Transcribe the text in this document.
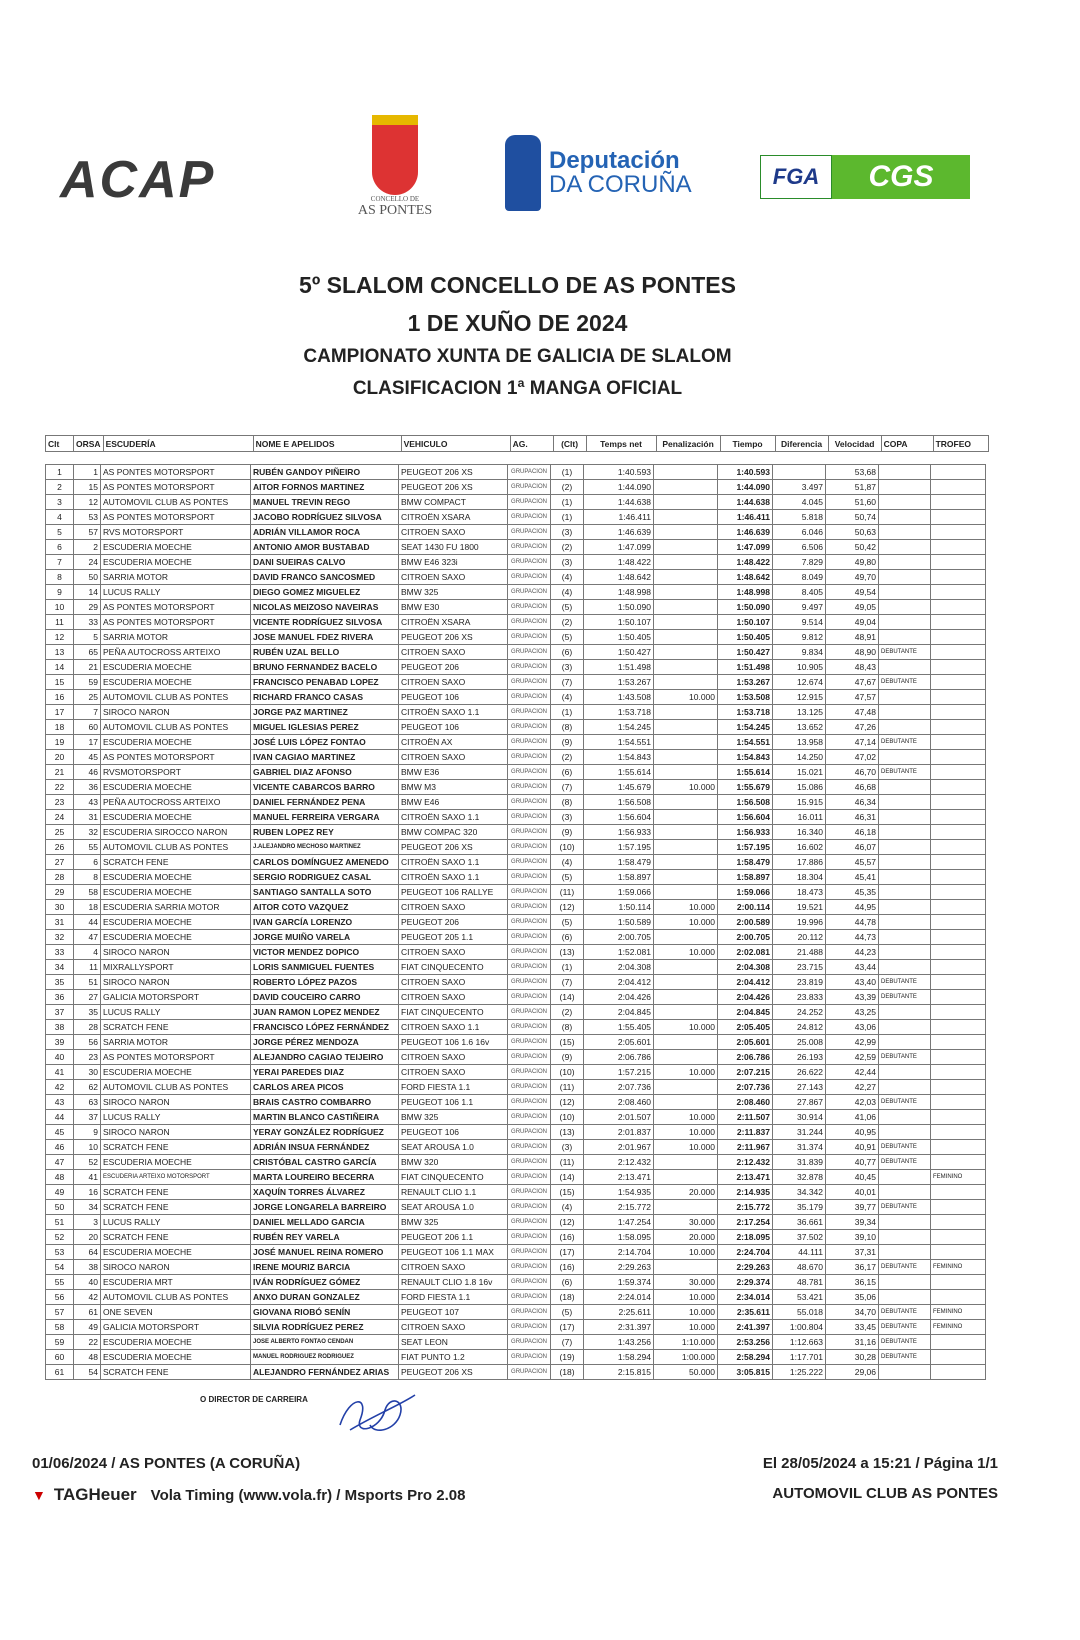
ACAP	CONCELLO DE
AS PONTES
Deputación
DA CORUÑA	FGA	CGS
5º SLALOM CONCELLO DE AS PONTES
1 DE XUÑO DE 2024
CAMPIONATO XUNTA DE GALICIA DE SLALOM
CLASIFICACION 1ª MANGA OFICIAL
Clt	ORSA	ESCUDERÍA	NOME E APELIDOS	VEHICULO	AG.	(Clt)	Temps net	Penalización	Tiempo	Diferencia	Velocidad	COPA	TROFEO
1	1	AS PONTES MOTORSPORT	RUBÉN GANDOY PIÑEIRO	PEUGEOT 206 XS	GRUPACION	(1)	1:40.593		1:40.593		53,68		
2	15	AS PONTES MOTORSPORT	AITOR FORNOS MARTINEZ	PEUGEOT 206 XS	GRUPACION	(2)	1:44.090		1:44.090	3.497	51,87		
3	12	AUTOMOVIL CLUB AS PONTES	MANUEL TREVIN REGO	BMW COMPACT	GRUPACION	(1)	1:44.638		1:44.638	4.045	51,60		
4	53	AS PONTES MOTORSPORT	JACOBO RODRÍGUEZ SILVOSA	CITROËN XSARA	GRUPACION	(1)	1:46.411		1:46.411	5.818	50,74		
5	57	RVS MOTORSPORT	ADRIÁN VILLAMOR ROCA	CITROEN SAXO	GRUPACION	(3)	1:46.639		1:46.639	6.046	50,63		
6	2	ESCUDERIA MOECHE	ANTONIO AMOR BUSTABAD	SEAT 1430 FU 1800	GRUPACION	(2)	1:47.099		1:47.099	6.506	50,42		
7	24	ESCUDERIA MOECHE	DANI SUEIRAS CALVO	BMW E46 323i	GRUPACION	(3)	1:48.422		1:48.422	7.829	49,80		
8	50	SARRIA MOTOR	DAVID FRANCO SANCOSMED	CITROEN SAXO	GRUPACION	(4)	1:48.642		1:48.642	8.049	49,70		
9	14	LUCUS RALLY	DIEGO GOMEZ MIGUELEZ	BMW 325	GRUPACION	(4)	1:48.998		1:48.998	8.405	49,54		
10	29	AS PONTES MOTORSPORT	NICOLAS MEIZOSO NAVEIRAS	BMW E30	GRUPACION	(5)	1:50.090		1:50.090	9.497	49,05		
11	33	AS PONTES MOTORSPORT	VICENTE RODRÍGUEZ SILVOSA	CITROËN XSARA	GRUPACION	(2)	1:50.107		1:50.107	9.514	49,04		
12	5	SARRIA MOTOR	JOSE MANUEL FDEZ RIVERA	PEUGEOT 206 XS	GRUPACION	(5)	1:50.405		1:50.405	9.812	48,91		
13	65	PEÑA AUTOCROSS ARTEIXO	RUBÉN UZAL BELLO	CITROEN SAXO	GRUPACION	(6)	1:50.427		1:50.427	9.834	48,90	DEBUTANTE	
14	21	ESCUDERIA MOECHE	BRUNO FERNANDEZ BACELO	PEUGEOT 206	GRUPACION	(3)	1:51.498		1:51.498	10.905	48,43		
15	59	ESCUDERIA MOECHE	FRANCISCO PENABAD LOPEZ	CITROEN SAXO	GRUPACION	(7)	1:53.267		1:53.267	12.674	47,67	DEBUTANTE	
16	25	AUTOMOVIL CLUB AS PONTES	RICHARD FRANCO CASAS	PEUGEOT 106	GRUPACION	(4)	1:43.508	10.000	1:53.508	12.915	47,57		
17	7	SIROCO NARON	JORGE PAZ MARTINEZ	CITROËN SAXO 1.1	GRUPACION	(1)	1:53.718		1:53.718	13.125	47,48		
18	60	AUTOMOVIL CLUB AS PONTES	MIGUEL IGLESIAS PEREZ	PEUGEOT 106	GRUPACION	(8)	1:54.245		1:54.245	13.652	47,26		
19	17	ESCUDERIA MOECHE	JOSÉ LUIS LÓPEZ FONTAO	CITROËN AX	GRUPACION	(9)	1:54.551		1:54.551	13.958	47,14	DEBUTANTE	
20	45	AS PONTES MOTORSPORT	IVAN CAGIAO MARTINEZ	CITROEN SAXO	GRUPACION	(2)	1:54.843		1:54.843	14.250	47,02		
21	46	RVSMOTORSPORT	GABRIEL DIAZ AFONSO	BMW E36	GRUPACION	(6)	1:55.614		1:55.614	15.021	46,70	DEBUTANTE	
22	36	ESCUDERIA MOECHE	VICENTE CABARCOS BARRO	BMW M3	GRUPACION	(7)	1:45.679	10.000	1:55.679	15.086	46,68		
23	43	PEÑA AUTOCROSS ARTEIXO	DANIEL FERNÁNDEZ PENA	BMW E46	GRUPACION	(8)	1:56.508		1:56.508	15.915	46,34		
24	31	ESCUDERIA MOECHE	MANUEL FERREIRA VERGARA	CITROËN SAXO 1.1	GRUPACION	(3)	1:56.604		1:56.604	16.011	46,31		
25	32	ESCUDERIA SIROCCO NARON	RUBEN LOPEZ REY	BMW COMPAC 320	GRUPACION	(9)	1:56.933		1:56.933	16.340	46,18		
26	55	AUTOMOVIL CLUB AS PONTES	J.ALEJANDRO MECHOSO MARTINEZ	PEUGEOT 206 XS	GRUPACION	(10)	1:57.195		1:57.195	16.602	46,07		
27	6	SCRATCH FENE	CARLOS DOMÍNGUEZ AMENEDO	CITROËN SAXO 1.1	GRUPACION	(4)	1:58.479		1:58.479	17.886	45,57		
28	8	ESCUDERIA MOECHE	SERGIO RODRIGUEZ CASAL	CITROËN SAXO 1.1	GRUPACION	(5)	1:58.897		1:58.897	18.304	45,41		
29	58	ESCUDERIA MOECHE	SANTIAGO SANTALLA SOTO	PEUGEOT 106 RALLYE	GRUPACION	(11)	1:59.066		1:59.066	18.473	45,35		
30	18	ESCUDERIA SARRIA MOTOR	AITOR COTO VAZQUEZ	CITROEN SAXO	GRUPACION	(12)	1:50.114	10.000	2:00.114	19.521	44,95		
31	44	ESCUDERIA MOECHE	IVAN GARCÍA LORENZO	PEUGEOT 206	GRUPACION	(5)	1:50.589	10.000	2:00.589	19.996	44,78		
32	47	ESCUDERIA MOECHE	JORGE MUIÑO VARELA	PEUGEOT 205 1.1	GRUPACION	(6)	2:00.705		2:00.705	20.112	44,73		
33	4	SIROCO NARON	VICTOR MENDEZ DOPICO	CITROEN SAXO	GRUPACION	(13)	1:52.081	10.000	2:02.081	21.488	44,23		
34	11	MIXRALLYSPORT	LORIS SANMIGUEL FUENTES	FIAT CINQUECENTO	GRUPACION	(1)	2:04.308		2:04.308	23.715	43,44		
35	51	SIROCO NARON	ROBERTO LÓPEZ PAZOS	CITROEN SAXO	GRUPACION	(7)	2:04.412		2:04.412	23.819	43,40	DEBUTANTE	
36	27	GALICIA MOTORSPORT	DAVID COUCEIRO CARRO	CITROEN SAXO	GRUPACION	(14)	2:04.426		2:04.426	23.833	43,39	DEBUTANTE	
37	35	LUCUS RALLY	JUAN RAMON LOPEZ MENDEZ	FIAT CINQUECENTO	GRUPACION	(2)	2:04.845		2:04.845	24.252	43,25		
38	28	SCRATCH FENE	FRANCISCO LÓPEZ FERNÁNDEZ	CITROEN SAXO 1.1	GRUPACION	(8)	1:55.405	10.000	2:05.405	24.812	43,06		
39	56	SARRIA MOTOR	JORGE PÉREZ MENDOZA	PEUGEOT 106 1.6 16v	GRUPACION	(15)	2:05.601		2:05.601	25.008	42,99		
40	23	AS PONTES MOTORSPORT	ALEJANDRO CAGIAO TEIJEIRO	CITROEN SAXO	GRUPACION	(9)	2:06.786		2:06.786	26.193	42,59	DEBUTANTE	
41	30	ESCUDERIA MOECHE	YERAI PAREDES DIAZ	CITROEN SAXO	GRUPACION	(10)	1:57.215	10.000	2:07.215	26.622	42,44		
42	62	AUTOMOVIL CLUB AS PONTES	CARLOS AREA PICOS	FORD FIESTA 1.1	GRUPACION	(11)	2:07.736		2:07.736	27.143	42,27		
43	63	SIROCO NARON	BRAIS CASTRO COMBARRO	PEUGEOT 106 1.1	GRUPACION	(12)	2:08.460		2:08.460	27.867	42,03	DEBUTANTE	
44	37	LUCUS RALLY	MARTIN BLANCO CASTIÑEIRA	BMW 325	GRUPACION	(10)	2:01.507	10.000	2:11.507	30.914	41,06		
45	9	SIROCO NARON	YERAY GONZÁLEZ RODRÍGUEZ	PEUGEOT 106	GRUPACION	(13)	2:01.837	10.000	2:11.837	31.244	40,95		
46	10	SCRATCH FENE	ADRIÁN INSUA FERNÁNDEZ	SEAT AROUSA 1.0	GRUPACION	(3)	2:01.967	10.000	2:11.967	31.374	40,91	DEBUTANTE	
47	52	ESCUDERIA MOECHE	CRISTÓBAL CASTRO GARCÍA	BMW 320	GRUPACION	(11)	2:12.432		2:12.432	31.839	40,77	DEBUTANTE	
48	41	ESCUDERIA ARTEIXO MOTORSPORT	MARTA LOUREIRO BECERRA	FIAT CINQUECENTO	GRUPACION	(14)	2:13.471		2:13.471	32.878	40,45		FEMININO
49	16	SCRATCH FENE	XAQUÍN TORRES ÁLVAREZ	RENAULT CLIO 1.1	GRUPACION	(15)	1:54.935	20.000	2:14.935	34.342	40,01		
50	34	SCRATCH FENE	JORGE LONGARELA BARREIRO	SEAT AROUSA 1.0	GRUPACION	(4)	2:15.772		2:15.772	35.179	39,77	DEBUTANTE	
51	3	LUCUS RALLY	DANIEL MELLADO GARCIA	BMW 325	GRUPACION	(12)	1:47.254	30.000	2:17.254	36.661	39,34		
52	20	SCRATCH FENE	RUBÉN REY VARELA	PEUGEOT 206 1.1	GRUPACION	(16)	1:58.095	20.000	2:18.095	37.502	39,10		
53	64	ESCUDERIA MOECHE	JOSÉ MANUEL REINA ROMERO	PEUGEOT 106 1.1 MAX	GRUPACION	(17)	2:14.704	10.000	2:24.704	44.111	37,31		
54	38	SIROCO NARON	IRENE MOURIZ BARCIA	CITROEN SAXO	GRUPACION	(16)	2:29.263		2:29.263	48.670	36,17	DEBUTANTE	FEMININO
55	40	ESCUDERIA MRT	IVÁN RODRÍGUEZ GÓMEZ	RENAULT CLIO 1.8 16v	GRUPACION	(6)	1:59.374	30.000	2:29.374	48.781	36,15		
56	42	AUTOMOVIL CLUB AS PONTES	ANXO DURAN GONZALEZ	FORD FIESTA 1.1	GRUPACION	(18)	2:24.014	10.000	2:34.014	53.421	35,06		
57	61	ONE SEVEN	GIOVANA RIOBÓ SENÍN	PEUGEOT 107	GRUPACION	(5)	2:25.611	10.000	2:35.611	55.018	34,70	DEBUTANTE	FEMININO
58	49	GALICIA MOTORSPORT	SILVIA RODRÍGUEZ PEREZ	CITROEN SAXO	GRUPACION	(17)	2:31.397	10.000	2:41.397	1:00.804	33,45	DEBUTANTE	FEMININO
59	22	ESCUDERIA MOECHE	JOSE ALBERTO FONTAO CENDAN	SEAT LEON	GRUPACION	(7)	1:43.256	1:10.000	2:53.256	1:12.663	31,16	DEBUTANTE	
60	48	ESCUDERIA MOECHE	MANUEL RODRIGUEZ RODRIGUEZ	FIAT PUNTO 1.2	GRUPACION	(19)	1:58.294	1:00.000	2:58.294	1:17.701	30,28	DEBUTANTE	
61	54	SCRATCH FENE	ALEJANDRO FERNÁNDEZ ARIAS	PEUGEOT 206 XS	GRUPACION	(18)	2:15.815	50.000	3:05.815	1:25.222	29,06		
O DIRECTOR DE CARREIRA
01/06/2024 / AS PONTES (A CORUÑA)	El 28/05/2024 a 15:21 / Página 1/1
▼ TAGHeuer Vola Timing (www.vola.fr) / Msports Pro 2.08	AUTOMOVIL CLUB AS PONTES
